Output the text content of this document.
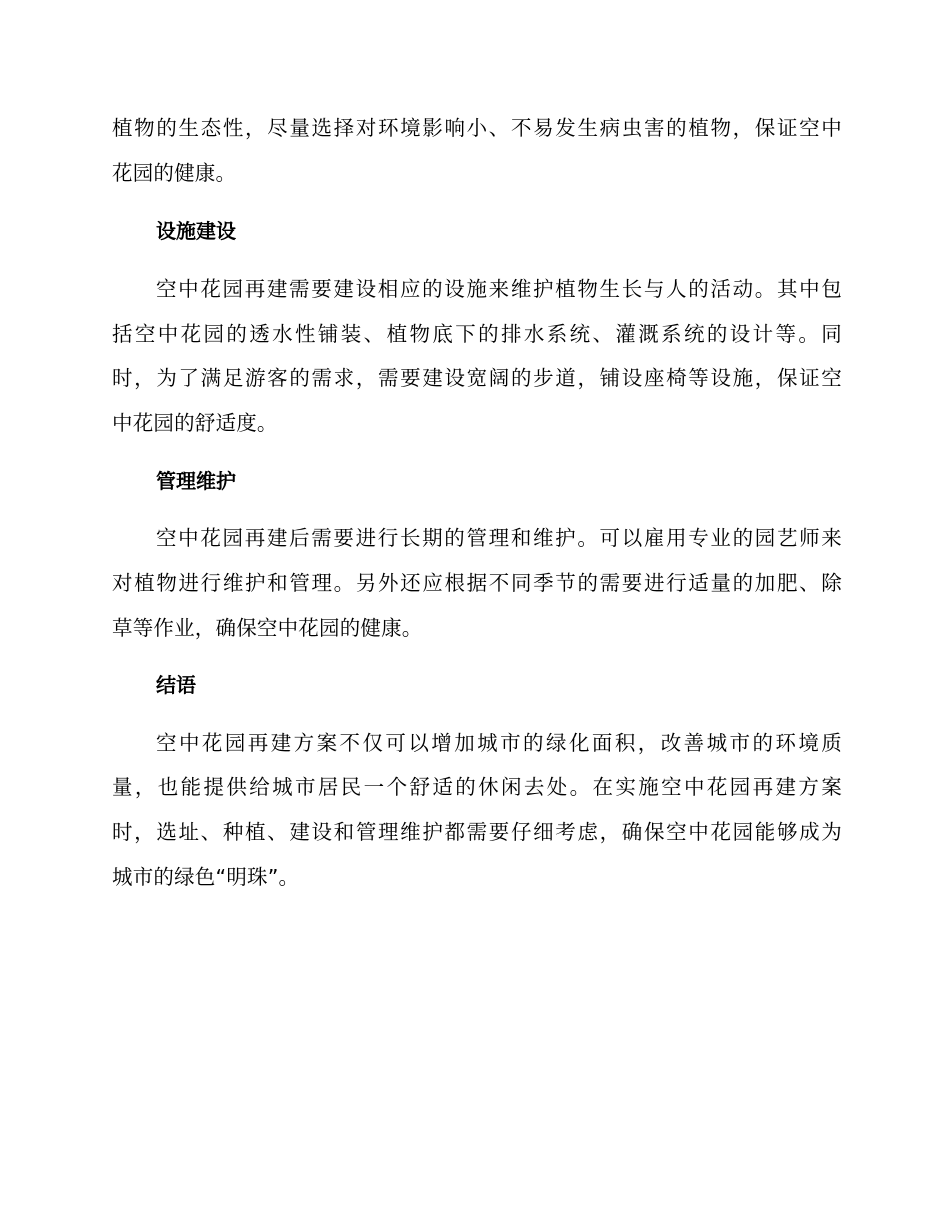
植物的生态性，尽量选择对环境影响小、不易发生病虫害的植物，保证空中
花园的健康。
设施建设
空中花园再建需要建设相应的设施来维护植物生长与人的活动。其中包
括空中花园的透水性铺装、植物底下的排水系统、灌溉系统的设计等。同
时，为了满足游客的需求，需要建设宽阔的步道，铺设座椅等设施，保证空
中花园的舒适度。
管理维护
空中花园再建后需要进行长期的管理和维护。可以雇用专业的园艺师来
对植物进行维护和管理。另外还应根据不同季节的需要进行适量的加肥、除
草等作业，确保空中花园的健康。
结语
空中花园再建方案不仅可以增加城市的绿化面积，改善城市的环境质
量，也能提供给城市居民一个舒适的休闲去处。在实施空中花园再建方案
时，选址、种植、建设和管理维护都需要仔细考虑，确保空中花园能够成为
城市的绿色“明珠”。
